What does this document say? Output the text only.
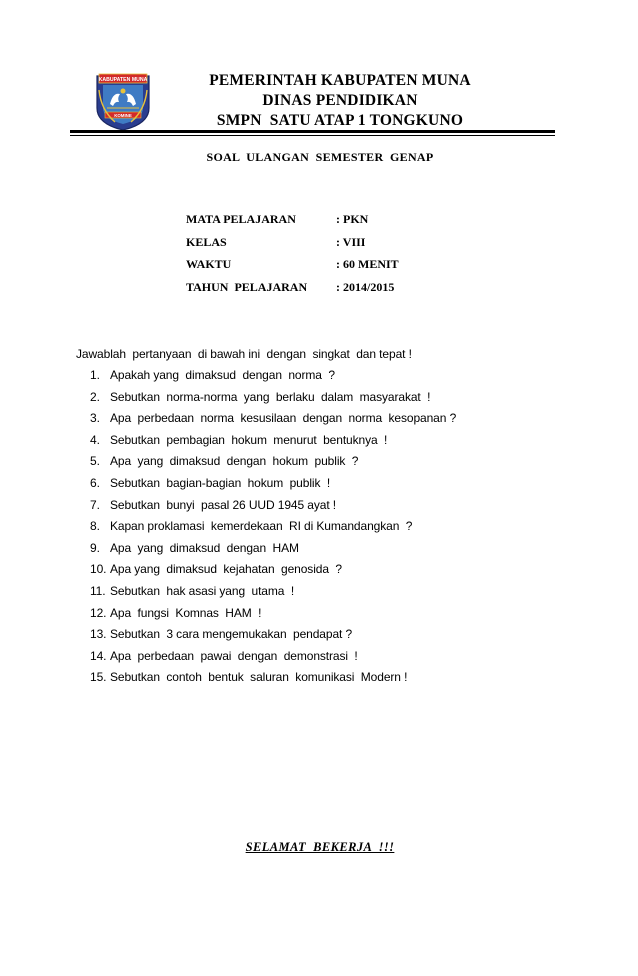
KABUPATEN MUNA
KOMINE
PEMERINTAH KABUPATEN MUNA
DINAS PENDIDIKAN
SMPN  SATU ATAP 1 TONGKUNO
SOAL  ULANGAN  SEMESTER  GENAP
MATA PELAJARAN	: PKN
KELAS	: VIII
WAKTU	: 60 MENIT
TAHUN  PELAJARAN	: 2014/2015
Jawablah  pertanyaan  di bawah ini  dengan  singkat  dan tepat !
1. Apakah yang  dimaksud  dengan  norma  ?
2. Sebutkan  norma-norma  yang  berlaku  dalam  masyarakat  !
3. Apa  perbedaan  norma  kesusilaan  dengan  norma  kesopanan ?
4. Sebutkan  pembagian  hokum  menurut  bentuknya  !
5. Apa  yang  dimaksud  dengan  hokum  publik  ?
6. Sebutkan  bagian-bagian  hokum  publik  !
7. Sebutkan  bunyi  pasal 26 UUD 1945 ayat !
8. Kapan proklamasi  kemerdekaan  RI di Kumandangkan  ?
9. Apa  yang  dimaksud  dengan  HAM
10. Apa yang  dimaksud  kejahatan  genosida  ?
11. Sebutkan  hak asasi yang  utama  !
12. Apa  fungsi  Komnas  HAM  !
13. Sebutkan  3 cara mengemukakan  pendapat ?
14. Apa  perbedaan  pawai  dengan  demonstrasi  !
15. Sebutkan  contoh  bentuk  saluran  komunikasi  Modern !
SELAMAT  BEKERJA  !!!
